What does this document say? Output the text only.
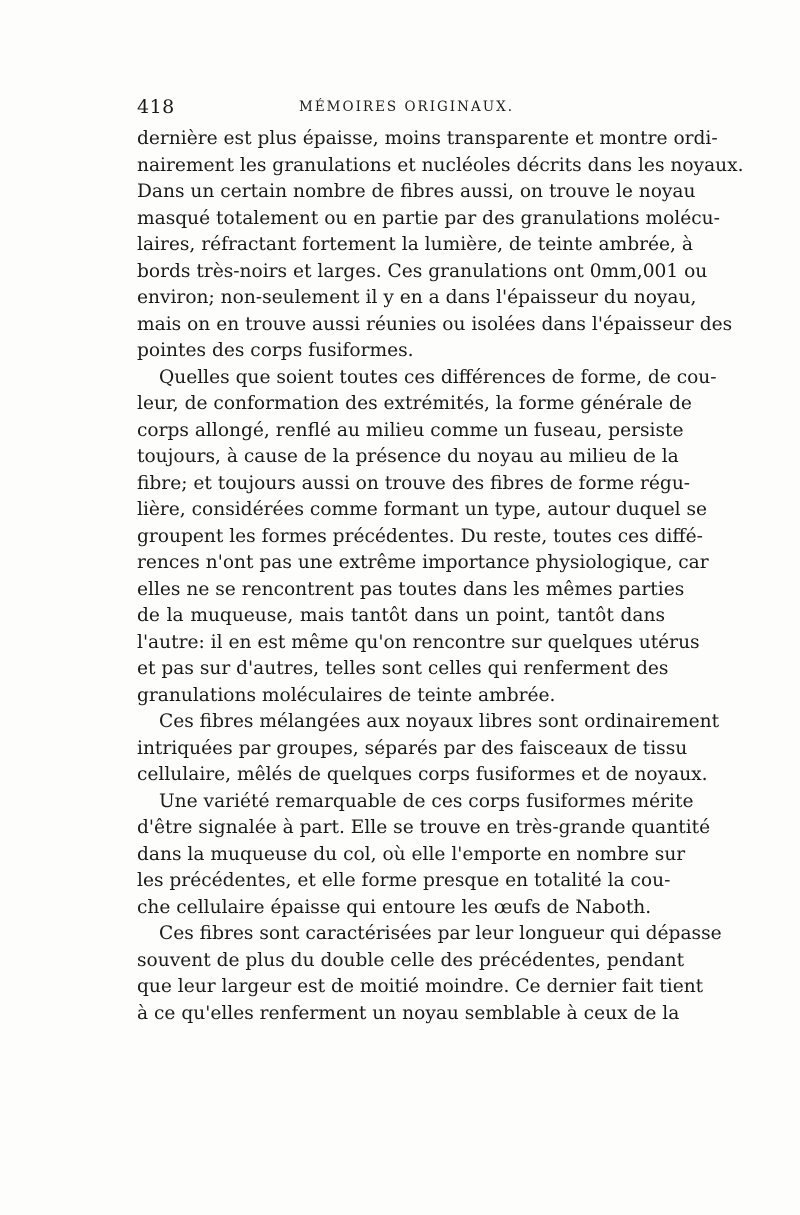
418	MÉMOIRES ORIGINAUX.
dernière est plus épaisse, moins transparente et montre ordi-
nairement les granulations et nucléoles décrits dans les noyaux.
Dans un certain nombre de fibres aussi, on trouve le noyau
masqué totalement ou en partie par des granulations molécu-
laires, réfractant fortement la lumière, de teinte ambrée, à
bords très-noirs et larges. Ces granulations ont 0mm,001 ou
environ; non-seulement il y en a dans l'épaisseur du noyau,
mais on en trouve aussi réunies ou isolées dans l'épaisseur des
pointes des corps fusiformes.
Quelles que soient toutes ces différences de forme, de cou-
leur, de conformation des extrémités, la forme générale de
corps allongé, renflé au milieu comme un fuseau, persiste
toujours, à cause de la présence du noyau au milieu de la
fibre; et toujours aussi on trouve des fibres de forme régu-
lière, considérées comme formant un type, autour duquel se
groupent les formes précédentes. Du reste, toutes ces diffé-
rences n'ont pas une extrême importance physiologique, car
elles ne se rencontrent pas toutes dans les mêmes parties
de la muqueuse, mais tantôt dans un point, tantôt dans
l'autre: il en est même qu'on rencontre sur quelques utérus
et pas sur d'autres, telles sont celles qui renferment des
granulations moléculaires de teinte ambrée.
Ces fibres mélangées aux noyaux libres sont ordinairement
intriquées par groupes, séparés par des faisceaux de tissu
cellulaire, mêlés de quelques corps fusiformes et de noyaux.
Une variété remarquable de ces corps fusiformes mérite
d'être signalée à part. Elle se trouve en très-grande quantité
dans la muqueuse du col, où elle l'emporte en nombre sur
les précédentes, et elle forme presque en totalité la cou-
che cellulaire épaisse qui entoure les œufs de Naboth.
Ces fibres sont caractérisées par leur longueur qui dépasse
souvent de plus du double celle des précédentes, pendant
que leur largeur est de moitié moindre. Ce dernier fait tient
à ce qu'elles renferment un noyau semblable à ceux de la
